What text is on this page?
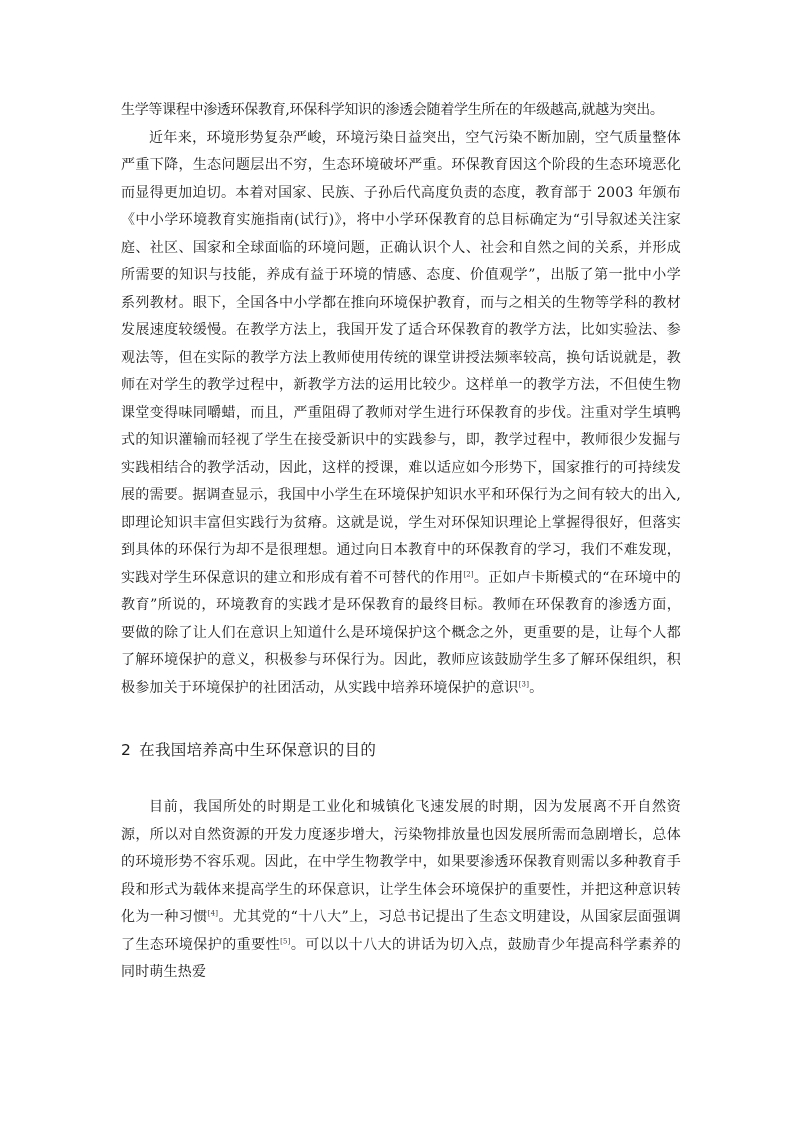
生学等课程中渗透环保教育,环保科学知识的渗透会随着学生所在的年级越高,就越为突出。

近年来，环境形势复杂严峻，环境污染日益突出，空气污染不断加剧，空气质量整体严重下降，生态问题层出不穷，生态环境破坏严重。环保教育因这个阶段的生态环境恶化而显得更加迫切。本着对国家、民族、子孙后代高度负责的态度，教育部于 2003 年颁布《中小学环境教育实施指南(试行)》，将中小学环保教育的总目标确定为“引导叙述关注家庭、社区、国家和全球面临的环境问题，正确认识个人、社会和自然之间的关系，并形成所需要的知识与技能，养成有益于环境的情感、态度、价值观学”，出版了第一批中小学系列教材。眼下，全国各中小学都在推向环境保护教育，而与之相关的生物等学科的教材发展速度较缓慢。在教学方法上，我国开发了适合环保教育的教学方法，比如实验法、参观法等，但在实际的教学方法上教师使用传统的课堂讲授法频率较高，换句话说就是，教师在对学生的教学过程中，新教学方法的运用比较少。这样单一的教学方法，不但使生物课堂变得味同嚼蜡，而且，严重阻碍了教师对学生进行环保教育的步伐。注重对学生填鸭式的知识灌输而轻视了学生在接受新识中的实践参与，即，教学过程中，教师很少发掘与实践相结合的教学活动，因此，这样的授课，难以适应如今形势下，国家推行的可持续发展的需要。据调查显示，我国中小学生在环境保护知识水平和环保行为之间有较大的出入,即理论知识丰富但实践行为贫瘠。这就是说，学生对环保知识理论上掌握得很好，但落实到具体的环保行为却不是很理想。通过向日本教育中的环保教育的学习，我们不难发现，实践对学生环保意识的建立和形成有着不可替代的作用[2]。正如卢卡斯模式的“在环境中的教育”所说的，环境教育的实践才是环保教育的最终目标。教师在环保教育的渗透方面，要做的除了让人们在意识上知道什么是环境保护这个概念之外，更重要的是，让每个人都了解环境保护的意义，积极参与环保行为。因此，教师应该鼓励学生多了解环保组织，积极参加关于环境保护的社团活动，从实践中培养环境保护的意识[3]。

2 在我国培养高中生环保意识的目的

目前，我国所处的时期是工业化和城镇化飞速发展的时期，因为发展离不开自然资源，所以对自然资源的开发力度逐步增大，污染物排放量也因发展所需而急剧增长，总体的环境形势不容乐观。因此，在中学生物教学中，如果要渗透环保教育则需以多种教育手段和形式为载体来提高学生的环保意识，让学生体会环境保护的重要性，并把这种意识转化为一种习惯[4]。尤其党的“十八大”上，习总书记提出了生态文明建设，从国家层面强调了生态环境保护的重要性[5]。可以以十八大的讲话为切入点，鼓励青少年提高科学素养的同时萌生热爱
